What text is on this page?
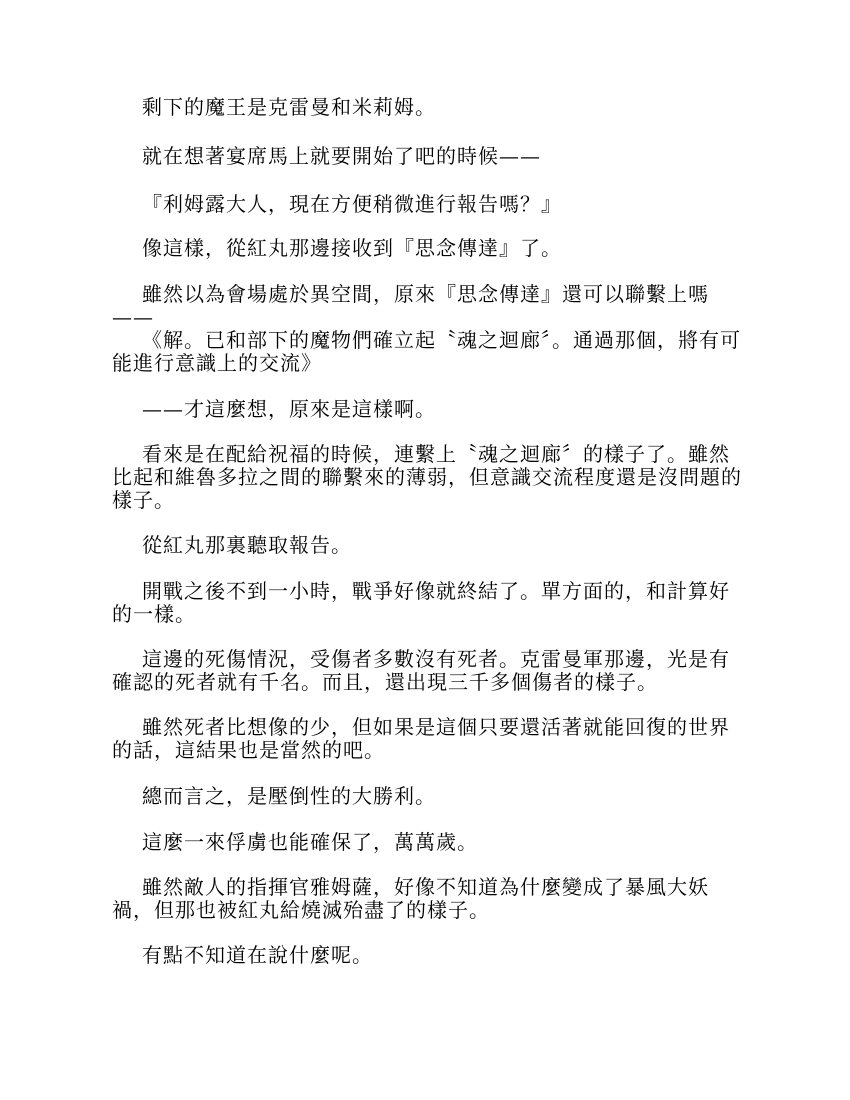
剩下的魔王是克雷曼和米莉姆。

就在想著宴席馬上就要開始了吧的時候——

『利姆露大人，現在方便稍微進行報告嗎？』

像這樣，從紅丸那邊接收到『思念傳達』了。

雖然以為會場處於異空間，原來『思念傳達』還可以聯繫上嗎——

《解。已和部下的魔物們確立起〝魂之迴廊〞。通過那個，將有可能進行意識上的交流》

——才這麼想，原來是這樣啊。

看來是在配給祝福的時候，連繫上〝魂之迴廊〞的樣子了。雖然比起和維魯多拉之間的聯繫來的薄弱，但意識交流程度還是沒問題的樣子。

從紅丸那裏聽取報告。

開戰之後不到一小時，戰爭好像就終結了。單方面的，和計算好的一樣。

這邊的死傷情況，受傷者多數沒有死者。克雷曼軍那邊，光是有確認的死者就有千名。而且，還出現三千多個傷者的樣子。

雖然死者比想像的少，但如果是這個只要還活著就能回復的世界的話，這結果也是當然的吧。

總而言之，是壓倒性的大勝利。

這麼一來俘虜也能確保了，萬萬歲。

雖然敵人的指揮官雅姆薩，好像不知道為什麼變成了暴風大妖禍，但那也被紅丸給燒滅殆盡了的樣子。

有點不知道在說什麼呢。
